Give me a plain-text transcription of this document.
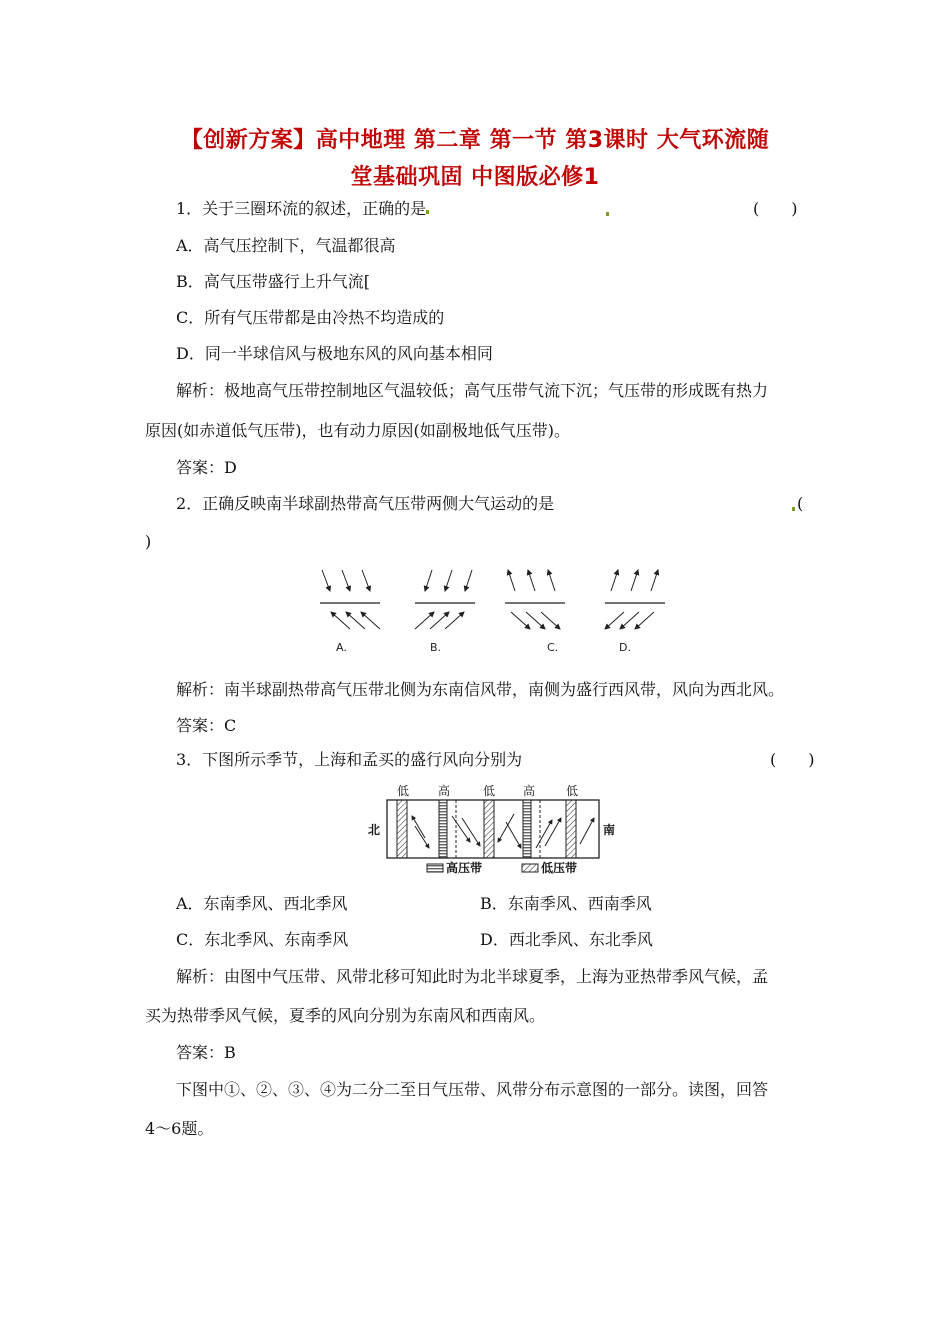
【创新方案】高中地理 第二章 第一节 第3课时 大气环流随
堂基础巩固 中图版必修1
1．关于三圈环流的叙述，正确的是	(　　)
A．高气压控制下，气温都很高
B．高气压带盛行上升气流[
C．所有气压带都是由冷热不均造成的
D．同一半球信风与极地东风的风向基本相同
解析：极地高气压带控制地区气温较低；高气压带气流下沉；气压带的形成既有热力
原因(如赤道低气压带)，也有动力原因(如副极地低气压带)。
答案：D
2．正确反映南半球副热带高气压带两侧大气运动的是	(
)
A.	B.	C.	D.
解析：南半球副热带高气压带北侧为东南信风带，南侧为盛行西风带，风向为西北风。
答案：C
3．下图所示季节，上海和孟买的盛行风向分别为	(　　)
低 高	低 高	低
北	南
高压带	低压带
A．东南季风、西北季风	B．东南季风、西南季风
C．东北季风、东南季风	D．西北季风、东北季风
解析：由图中气压带、风带北移可知此时为北半球夏季，上海为亚热带季风气候，孟
买为热带季风气候，夏季的风向分别为东南风和西南风。
答案：B
下图中①、②、③、④为二分二至日气压带、风带分布示意图的一部分。读图，回答
4～6题。
